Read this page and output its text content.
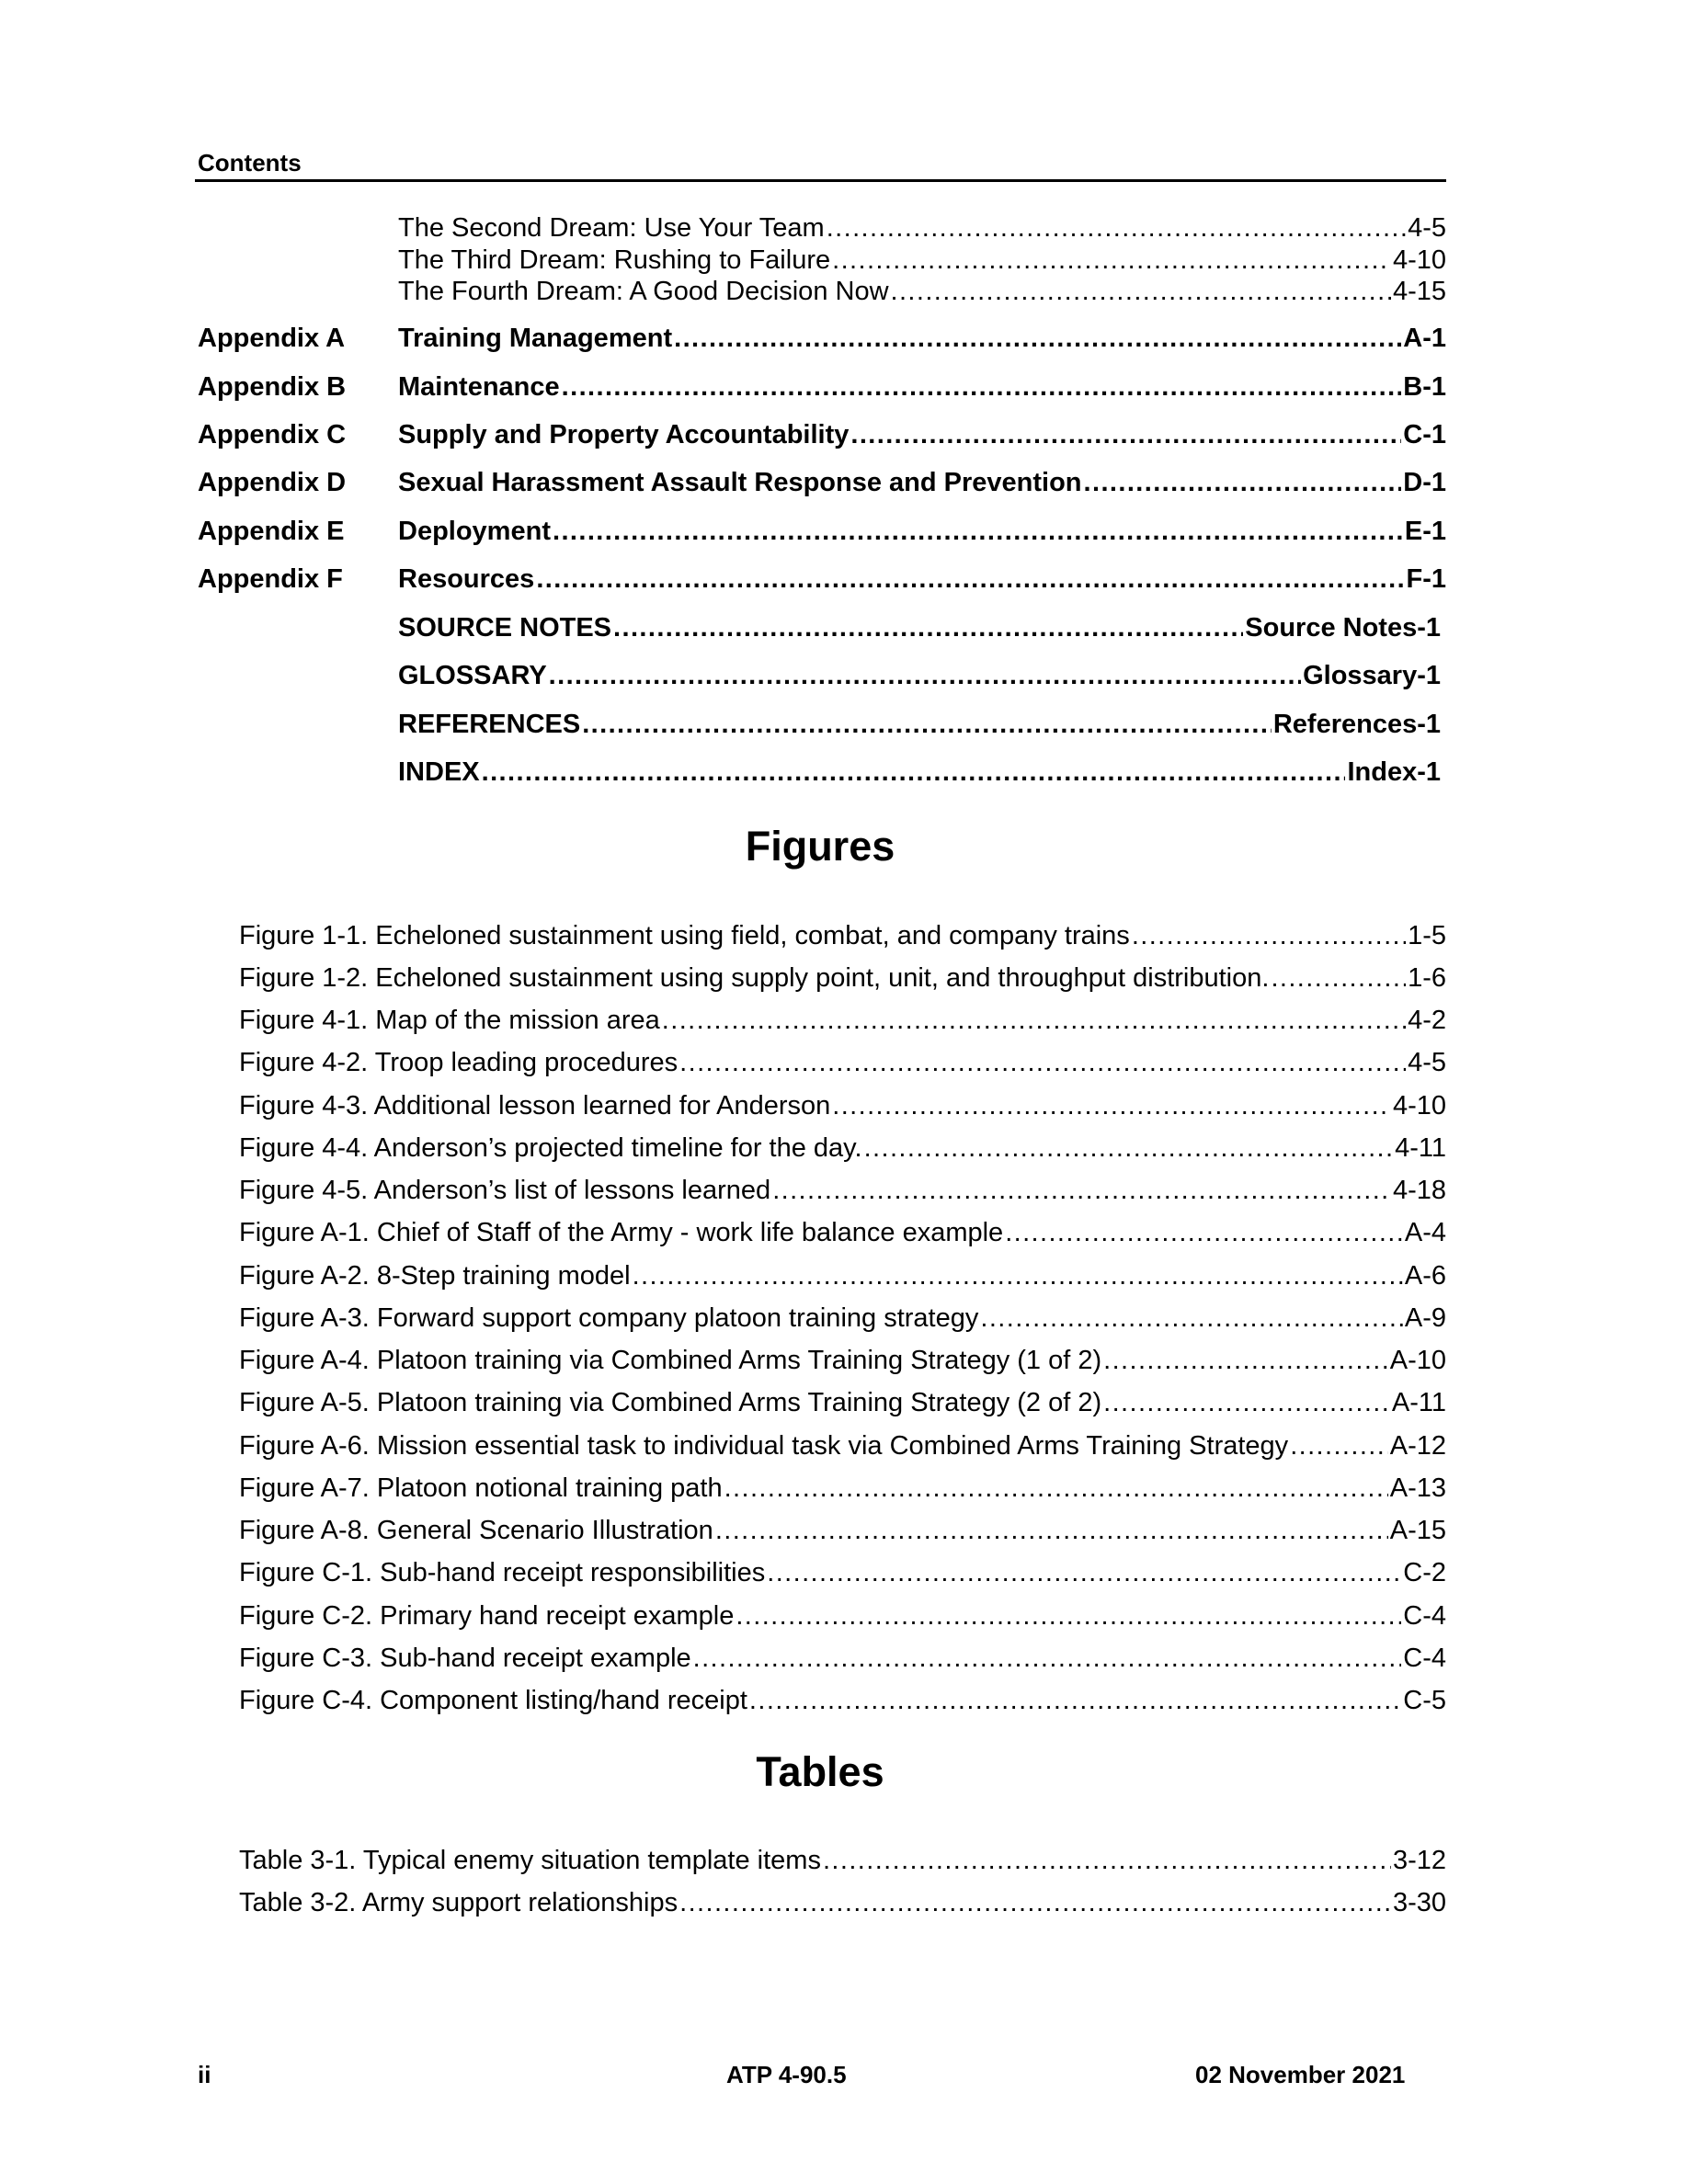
Contents
The Second Dream: Use Your Team .....	4-5
The Third Dream: Rushing to Failure .....	4-10
The Fourth Dream: A Good Decision Now .....	4-15
Appendix A Training Management .....	A-1
Appendix B Maintenance .....	B-1
Appendix C Supply and Property Accountability .....	C-1
Appendix D Sexual Harassment Assault Response and Prevention .....	D-1
Appendix E Deployment .....	E-1
Appendix F Resources .....	F-1
SOURCE NOTES .....	Source Notes-1
GLOSSARY .....	Glossary-1
REFERENCES .....	References-1
INDEX .....	Index-1
Figures
Figure 1-1. Echeloned sustainment using field, combat, and company trains .....	1-5
Figure 1-2. Echeloned sustainment using supply point, unit, and throughput distribution. .....	1-6
Figure 4-1. Map of the mission area .....	4-2
Figure 4-2. Troop leading procedures .....	4-5
Figure 4-3. Additional lesson learned for Anderson .....	4-10
Figure 4-4. Anderson’s projected timeline for the day. .....	4-11
Figure 4-5. Anderson’s list of lessons learned .....	4-18
Figure A-1. Chief of Staff of the Army - work life balance example .....	A-4
Figure A-2. 8-Step training model .....	A-6
Figure A-3. Forward support company platoon training strategy .....	A-9
Figure A-4. Platoon training via Combined Arms Training Strategy (1 of 2) .....	A-10
Figure A-5. Platoon training via Combined Arms Training Strategy (2 of 2) .....	A-11
Figure A-6. Mission essential task to individual task via Combined Arms Training Strategy .....	A-12
Figure A-7. Platoon notional training path .....	A-13
Figure A-8. General Scenario Illustration .....	A-15
Figure C-1. Sub-hand receipt responsibilities .....	C-2
Figure C-2. Primary hand receipt example .....	C-4
Figure C-3. Sub-hand receipt example .....	C-4
Figure C-4. Component listing/hand receipt .....	C-5
Tables
Table 3-1. Typical enemy situation template items .....	3-12
Table 3-2. Army support relationships .....	3-30
ii	ATP 4-90.5	02 November 2021
